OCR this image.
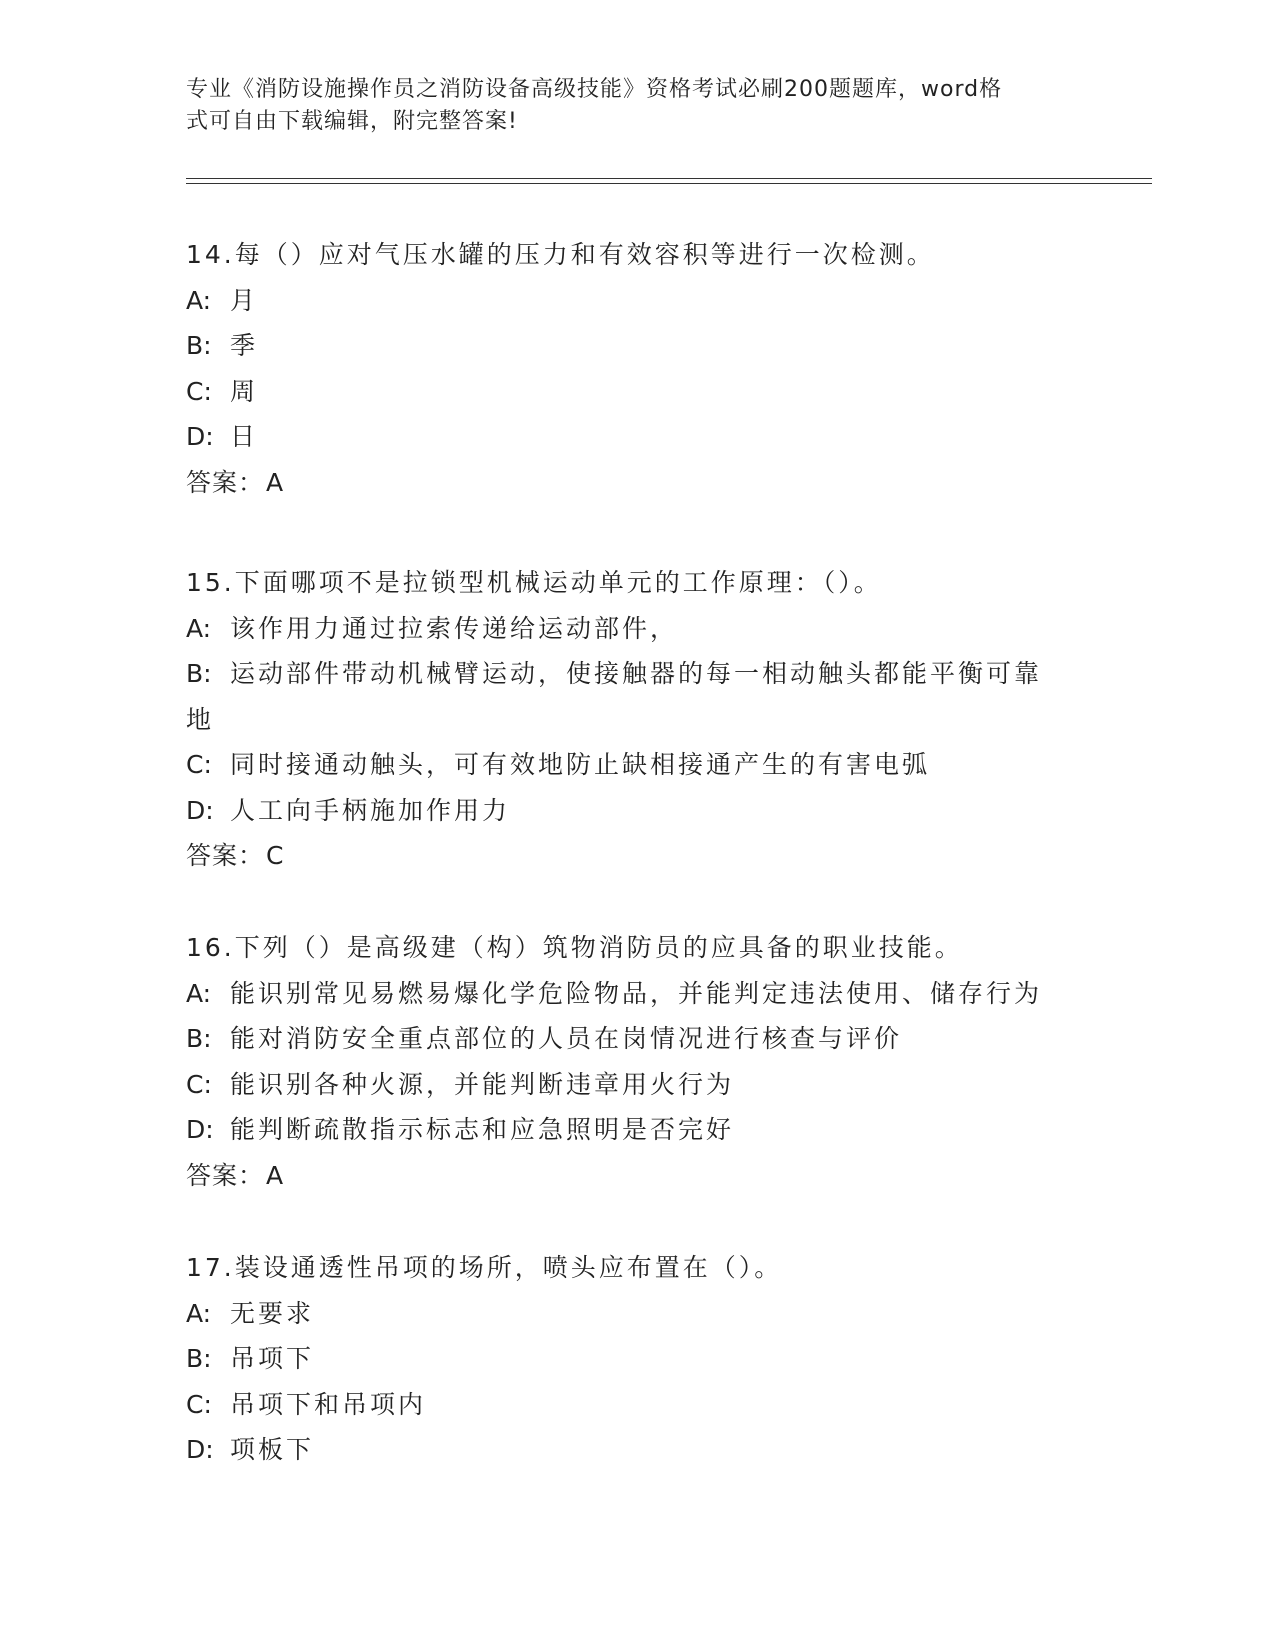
专业《消防设施操作员之消防设备高级技能》资格考试必刷200题题库，word格
式可自由下载编辑，附完整答案!
14.每（）应对气压水罐的压力和有效容积等进行一次检测。
A: 月
B: 季
C: 周
D: 日
答案：A
15.下面哪项不是拉锁型机械运动单元的工作原理：（）。
A: 该作用力通过拉索传递给运动部件，
B: 运动部件带动机械臂运动，使接触器的每一相动触头都能平衡可靠
地
C: 同时接通动触头，可有效地防止缺相接通产生的有害电弧
D: 人工向手柄施加作用力
答案：C
16.下列（）是高级建（构）筑物消防员的应具备的职业技能。
A: 能识别常见易燃易爆化学危险物品，并能判定违法使用、储存行为
B: 能对消防安全重点部位的人员在岗情况进行核查与评价
C: 能识别各种火源，并能判断违章用火行为
D: 能判断疏散指示标志和应急照明是否完好
答案：A
17.装设通透性吊项的场所，喷头应布置在（）。
A: 无要求
B: 吊项下
C: 吊项下和吊项内
D: 项板下
